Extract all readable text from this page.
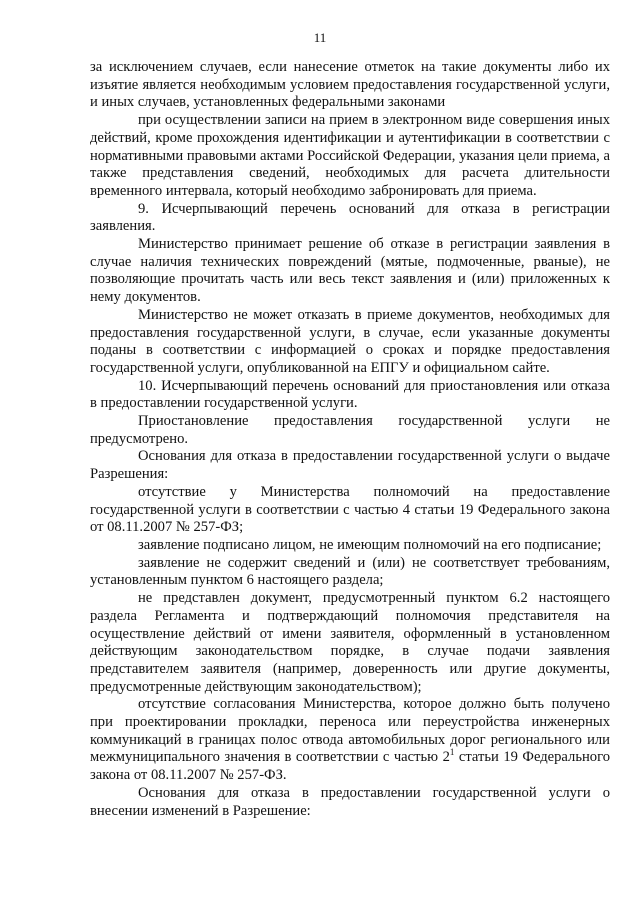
11

за исключением случаев, если нанесение отметок на такие документы либо их изъятие является необходимым условием предоставления государственной услуги, и иных случаев, установленных федеральными законами

при осуществлении записи на прием в электронном виде совершения иных действий, кроме прохождения идентификации и аутентификации в соответствии с нормативными правовыми актами Российской Федерации, указания цели приема, а также представления сведений, необходимых для расчета длительности временного интервала, который необходимо забронировать для приема.

9. Исчерпывающий перечень оснований для отказа в регистрации заявления.

Министерство принимает решение об отказе в регистрации заявления в случае наличия технических повреждений (мятые, подмоченные, рваные), не позволяющие прочитать часть или весь текст заявления и (или) приложенных к нему документов.

Министерство не может отказать в приеме документов, необходимых для предоставления государственной услуги, в случае, если указанные документы поданы в соответствии с информацией о сроках и порядке предоставления государственной услуги, опубликованной на ЕПГУ и официальном сайте.

10. Исчерпывающий перечень оснований для приостановления или отказа в предоставлении государственной услуги.

Приостановление предоставления государственной услуги не предусмотрено.

Основания для отказа в предоставлении государственной услуги о выдаче Разрешения:

отсутствие у Министерства полномочий на предоставление государственной услуги в соответствии с частью 4 статьи 19 Федерального закона от 08.11.2007 № 257-ФЗ;

заявление подписано лицом, не имеющим полномочий на его подписание;

заявление не содержит сведений и (или) не соответствует требованиям, установленным пунктом 6 настоящего раздела;

не представлен документ, предусмотренный пунктом 6.2 настоящего раздела Регламента и подтверждающий полномочия представителя на осуществление действий от имени заявителя, оформленный в установленном действующим законодательством порядке, в случае подачи заявления представителем заявителя (например, доверенность или другие документы, предусмотренные действующим законодательством);

отсутствие согласования Министерства, которое должно быть получено при проектировании прокладки, переноса или переустройства инженерных коммуникаций в границах полос отвода автомобильных дорог регионального или межмуниципального значения в соответствии с частью $2^1$ статьи 19 Федерального закона от 08.11.2007 № 257-ФЗ.

Основания для отказа в предоставлении государственной услуги о внесении изменений в Разрешение:
